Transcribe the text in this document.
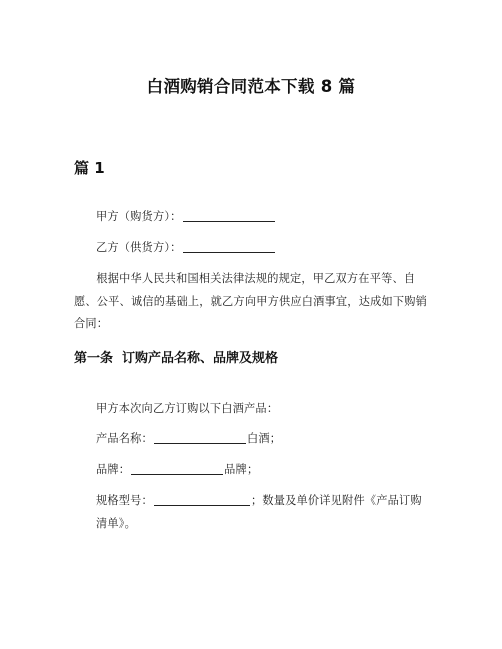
白酒购销合同范本下载 8 篇
篇 1
甲方（购货方）：
乙方（供货方）：

根据中华人民共和国相关法律法规的规定，甲乙双方在平等、自愿、公平、诚信的基础上，就乙方向甲方供应白酒事宜，达成如下购销合同：

第一条  订购产品名称、品牌及规格
甲方本次向乙方订购以下白酒产品：
产品名称：	白酒；
品牌：	品牌；

规格型号：	；数量及单价详见附件《产品订购清单》。
